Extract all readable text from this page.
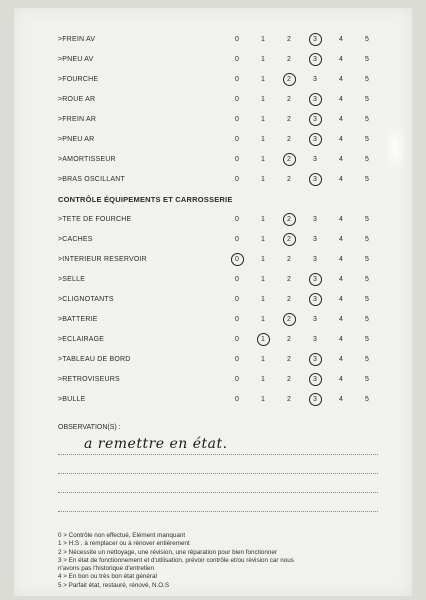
>FREIN AV	0	1	2	3	4	5
>PNEU AV	0	1	2	3	4	5
>FOURCHE	0	1	2	3	4	5
>ROUE AR	0	1	2	3	4	5
>FREIN AR	0	1	2	3	4	5
>PNEU AR	0	1	2	3	4	5
>AMORTISSEUR	0	1	2	3	4	5
>BRAS OSCILLANT	0	1	2	3	4	5
>TETE DE FOURCHE	0	1	2	3	4	5
>CACHES	0	1	2	3	4	5
>INTERIEUR RESERVOIR	0	1	2	3	4	5
>SELLE	0	1	2	3	4	5
>CLIGNOTANTS	0	1	2	3	4	5
>BATTERIE	0	1	2	3	4	5
>ECLAIRAGE	0	1	2	3	4	5
>TABLEAU DE BORD	0	1	2	3	4	5
>RETROVISEURS	0	1	2	3	4	5
>BULLE	0	1	2	3	4	5
CONTRÔLE ÉQUIPEMENTS ET CARROSSERIE
OBSERVATION(S) :
a remettre en état.
0 > Contrôle non effectué, Elément manquant
1 > H.S , à remplacer ou à rénover entièrement
2 > Nécessite un nettoyage, une révision, une réparation pour bien fonctionner
3 > En état de fonctionnement et d'utilisation, prévoir contrôle et/ou révision car nous
n'avons pas l'historique d'entretien
4 > En bon ou très bon état général
5 > Parfait état, restauré, rénové, N.O.S
